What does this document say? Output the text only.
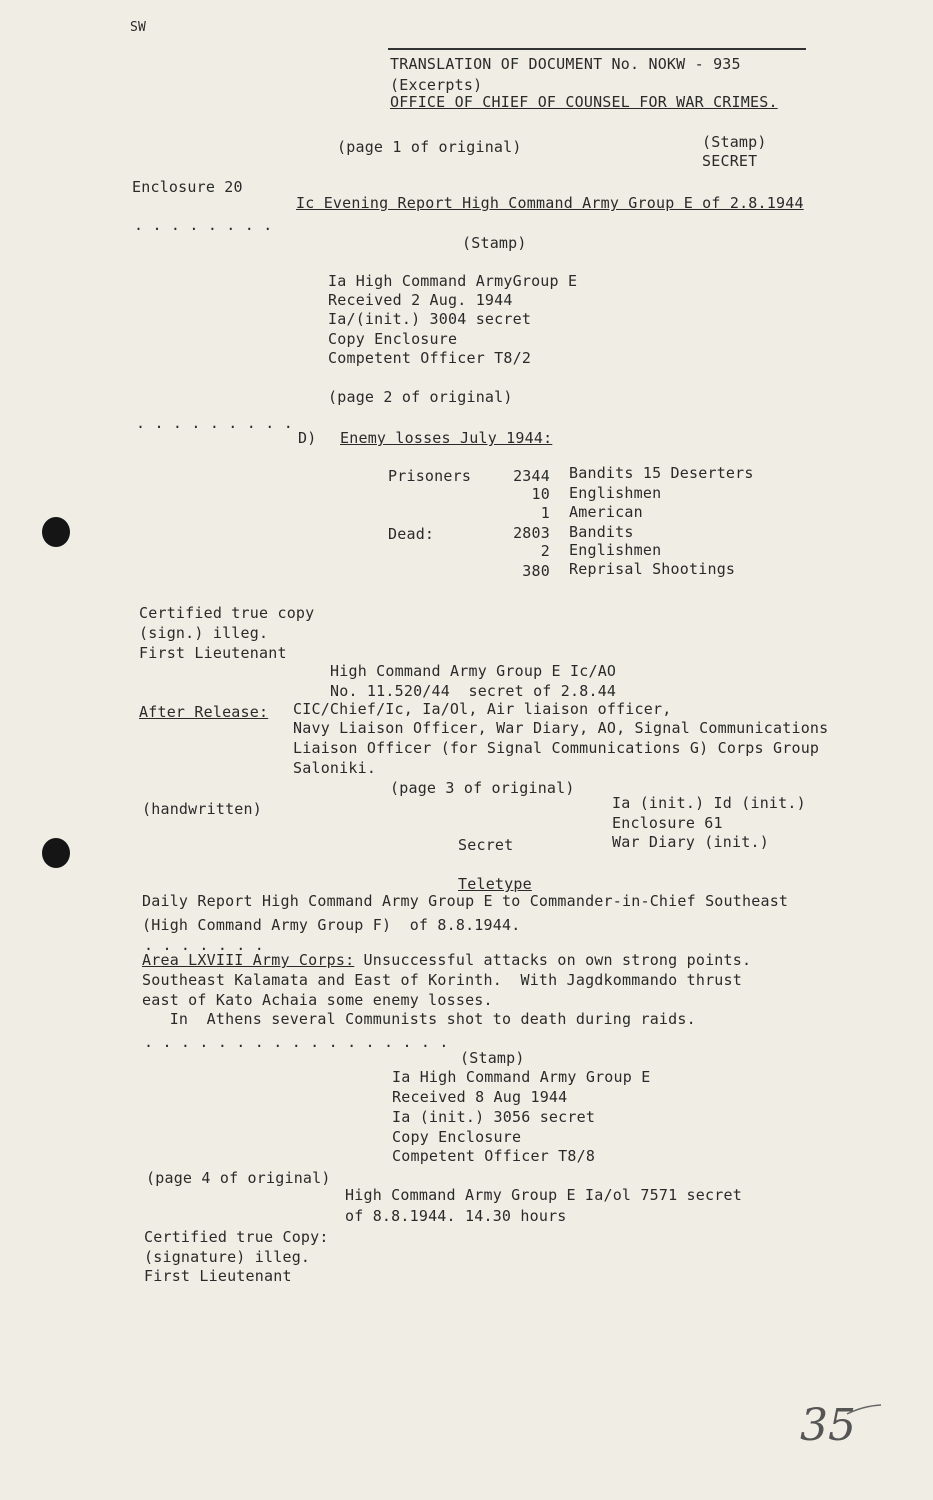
SW
TRANSLATION OF DOCUMENT No. NOKW - 935
(Excerpts)
OFFICE OF CHIEF OF COUNSEL FOR WAR CRIMES.
(page 1 of original)	(Stamp)
SECRET
Enclosure 20
Ic Evening Report High Command Army Group E of 2.8.1944
. . . . . . . .
(Stamp)
Ia High Command ArmyGroup E
Received 2 Aug. 1944
Ia/(init.) 3004 secret
Copy Enclosure
Competent Officer T8/2
(page 2 of original)
. . . . . . . . .
D) Enemy losses July 1944:
Prisoners	2344 Bandits 15 Deserters
10 Englishmen
1 American
Dead:	2803 Bandits
2 Englishmen
380 Reprisal Shootings
Certified true copy
(sign.) illeg.
First Lieutenant
High Command Army Group E Ic/AO
No. 11.520/44  secret of 2.8.44
After Release: CIC/Chief/Ic, Ia/Ol, Air liaison officer,
Navy Liaison Officer, War Diary, AO, Signal Communications
Liaison Officer (for Signal Communications G) Corps Group
Saloniki.
(page 3 of original)
(handwritten)	Ia (init.) Id (init.)
Enclosure 61
War Diary (init.)
Secret
Teletype
Daily Report High Command Army Group E to Commander-in-Chief Southeast
(High Command Army Group F)  of 8.8.1944.
. . . . . . .
Area LXVIII Army Corps: Unsuccessful attacks on own strong points.
Southeast Kalamata and East of Korinth.  With Jagdkommando thrust
east of Kato Achaia some enemy losses.
In  Athens several Communists shot to death during raids.
. . . . . . . . . . . . . . . . .
(Stamp)
Ia High Command Army Group E
Received 8 Aug 1944
Ia (init.) 3056 secret
Copy Enclosure
Competent Officer T8/8
(page 4 of original)
High Command Army Group E Ia/ol 7571 secret
of 8.8.1944. 14.30 hours
Certified true Copy:
(signature) illeg.
First Lieutenant
35
